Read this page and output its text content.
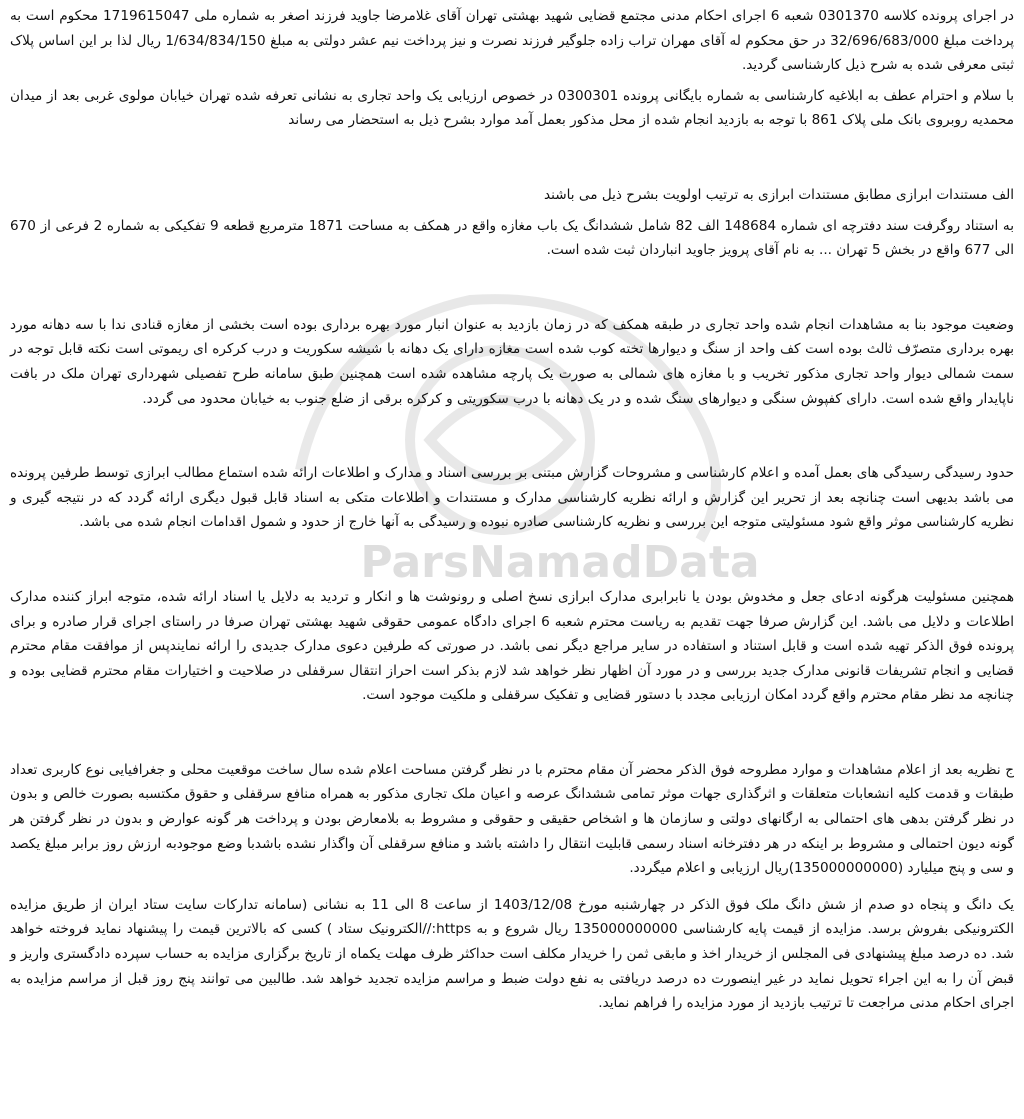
ParsNamadData

در اجرای پرونده کلاسه 0301370 شعبه 6 اجرای احکام مدنی مجتمع قضایی شهید بهشتی تهران آقای غلامرضا جاوید فرزند اصغر به شماره ملی 1719615047 محکوم است به پرداخت مبلغ 32/696/683/000 در حق محکوم له آقای مهران تراب زاده جلوگیر فرزند نصرت و نیز پرداخت نیم عشر دولتی به مبلغ 1/634/834/150 ریال لذا بر این اساس پلاک ثبتی معرفی شده به شرح ذیل کارشناسی گردید.

با سلام و احترام عطف به ابلاغیه کارشناسی به شماره بایگانی پرونده 0300301 در خصوص ارزیابی یک واحد تجاری به نشانی تعرفه شده تهران خیابان مولوی غربی بعد از میدان محمدیه روبروی بانک ملی پلاک 861 با توجه به بازدید انجام شده از محل مذکور بعمل آمد موارد بشرح ذیل به استحضار می رساند

الف مستندات ابرازی مطابق مستندات ابرازی به ترتیب اولویت بشرح ذیل می باشند

به استناد روگرفت سند دفترچه ای شماره 148684 الف 82 شامل ششدانگ یک باب مغازه واقع در همکف به مساحت 1871 مترمربع قطعه 9 تفکیکی به شماره 2 فرعی از 670 الی 677 واقع در بخش 5 تهران ... به نام آقای پرویز جاوید انباردان ثبت شده است.

وضعیت موجود بنا به مشاهدات انجام شده واحد تجاری در طبقه همکف که در زمان بازدید به عنوان انبار مورد بهره برداری بوده است بخشی از مغازه قنادی ندا با سه دهانه مورد بهره برداری متصرّف ثالث بوده است کف واحد از سنگ و دیوارها تخته کوب شده است مغازه دارای یک دهانه با شیشه سکوریت و درب کرکره ای ریموتی است نکته قابل توجه در سمت شمالی دیوار واحد تجاری مذکور تخریب و با مغازه های شمالی به صورت یک پارچه مشاهده شده است همچنین طبق سامانه طرح تفصیلی شهرداری تهران ملک در بافت ناپایدار واقع شده است. دارای کفپوش سنگی و دیوارهای سنگ شده و در یک دهانه با درب سکوریتی و کرکره برقی از ضلع جنوب به خیابان محدود می گردد.

حدود رسیدگی رسیدگی های بعمل آمده و اعلام کارشناسی و مشروحات گزارش مبتنی بر بررسی اسناد و مدارک و اطلاعات ارائه شده استماع مطالب ابرازی توسط طرفین پرونده می باشد بدیهی است چنانچه بعد از تحریر این گزارش و ارائه نظریه کارشناسی مدارک و مستندات و اطلاعات متکی به اسناد قابل قبول دیگری ارائه گردد که در نتیجه گیری و نظریه کارشناسی موثر واقع شود مسئولیتی متوجه این بررسی و نظریه کارشناسی صادره نبوده و رسیدگی به آنها خارج از حدود و شمول اقدامات انجام شده می باشد.

همچنین مسئولیت هرگونه ادعای جعل و مخدوش بودن یا نابرابری مدارک ابرازی نسخ اصلی و رونوشت ها و انکار و تردید به دلایل یا اسناد ارائه شده، متوجه ابراز کننده مدارک اطلاعات و دلایل می باشد. این گزارش صرفا جهت تقدیم به ریاست محترم شعبه 6 اجرای دادگاه عمومی حقوقی شهید بهشتی تهران صرفا در راستای اجرای قرار صادره و برای پرونده فوق الذکر تهیه شده است و قابل استناد و استفاده در سایر مراجع دیگر نمی باشد. در صورتی که طرفین دعوی مدارک جدیدی را ارائه نمایندپس از موافقت مقام محترم قضایی و انجام تشریفات قانونی مدارک جدید بررسی و در مورد آن اظهار نظر خواهد شد لازم بذکر است احراز انتقال سرقفلی در صلاحیت و اختیارات مقام محترم قضایی بوده و چنانچه مد نظر مقام محترم واقع گردد امکان ارزیابی مجدد با دستور قضایی و تفکیک سرقفلی و ملکیت موجود است.

ج نظریه بعد از اعلام مشاهدات و موارد مطروحه فوق الذکر محضر آن مقام محترم با در نظر گرفتن مساحت اعلام شده سال ساخت موقعیت محلی و جغرافیایی نوع کاربری تعداد طبقات و قدمت کلیه انشعابات متعلقات و اثرگذاری جهات موثر تمامی ششدانگ عرصه و اعیان ملک تجاری مذکور به همراه منافع سرقفلی و حقوق مکتسبه بصورت خالص و بدون در نظر گرفتن بدهی های احتمالی به ارگانهای دولتی و سازمان ها و اشخاص حقیقی و حقوقی و مشروط به بلامعارض بودن و پرداخت هر گونه عوارض و بدون در نظر گرفتن هر گونه دیون احتمالی و مشروط بر اینکه در هر دفترخانه اسناد رسمی قابلیت انتقال را داشته باشد و منافع سرقفلی آن واگذار نشده باشدبا وضع موجودبه ارزش روز برابر مبلغ یکصد و سی و پنج میلیارد (135000000000)ریال ارزیابی و اعلام میگردد.

یک دانگ و پنجاه دو صدم از شش دانگ ملک فوق الذکر در چهارشنبه مورخ 1403/12/08 از ساعت 8 الی 11 به نشانی (سامانه تدارکات سایت ستاد ایران از طریق مزایده الکترونیکی بفروش برسد. مزایده از قیمت پایه کارشناسی 135000000000 ریال شروع و به https://الکترونیک ستاد ) کسی که بالاترین قیمت را پیشنهاد نماید فروخته خواهد شد. ده درصد مبلغ پیشنهادی فی المجلس از خریدار اخذ و مابقی ثمن را خریدار مکلف است حداکثر ظرف مهلت یکماه از تاریخ برگزاری مزایده به حساب سپرده دادگستری واریز و قبض آن را به این اجراء تحویل نماید در غیر اینصورت ده درصد دریافتی به نفع دولت ضبط و مراسم مزایده تجدید خواهد شد. طالبین می توانند پنج روز قبل از مراسم مزایده به اجرای احکام مدنی مراجعت تا ترتیب بازدید از مورد مزایده را فراهم نماید.
